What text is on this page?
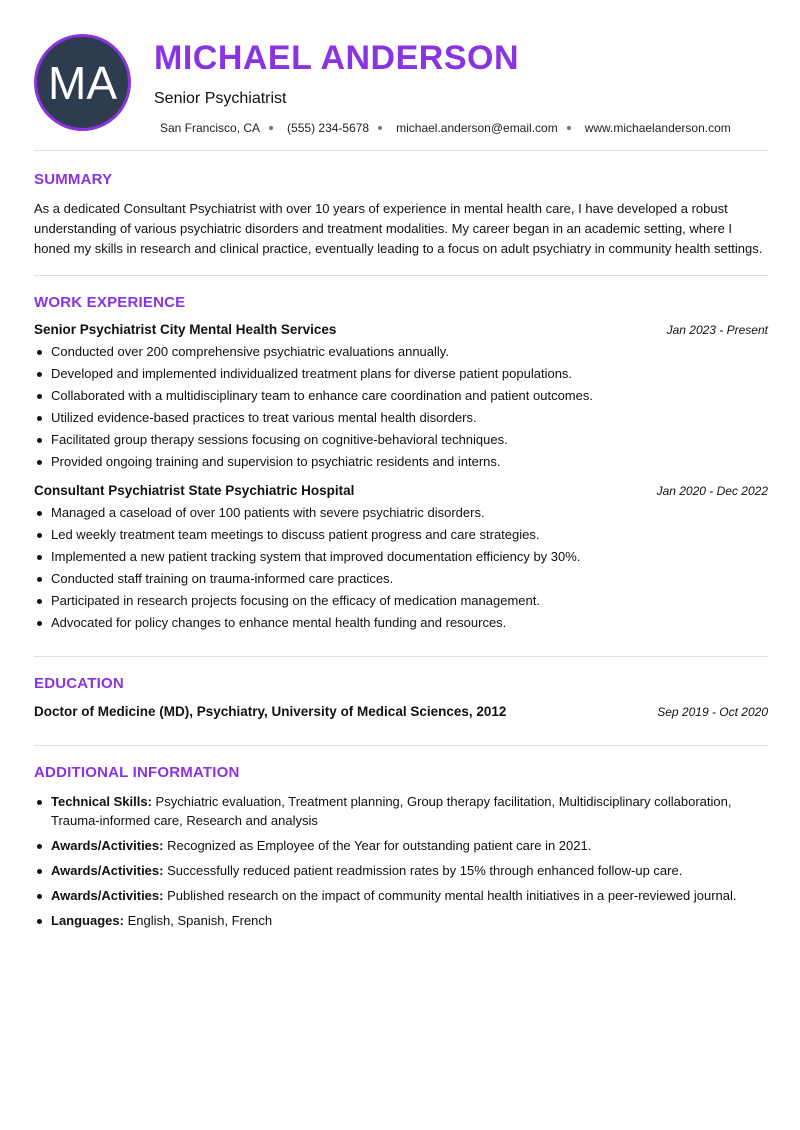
MA MICHAEL ANDERSON
Senior Psychiatrist
San Francisco, CA (555) 234-5678 michael.anderson@email.com www.michaelanderson.com
SUMMARY

As a dedicated Consultant Psychiatrist with over 10 years of experience in mental health care, I have developed a robust understanding of various psychiatric disorders and treatment modalities. My career began in an academic setting, where I honed my skills in research and clinical practice, eventually leading to a focus on adult psychiatry in community health settings.

WORK EXPERIENCE
Senior Psychiatrist City Mental Health Services	Jan 2023 - Present
Conducted over 200 comprehensive psychiatric evaluations annually.
Developed and implemented individualized treatment plans for diverse patient populations.
Collaborated with a multidisciplinary team to enhance care coordination and patient outcomes.
Utilized evidence-based practices to treat various mental health disorders.
Facilitated group therapy sessions focusing on cognitive-behavioral techniques.
Provided ongoing training and supervision to psychiatric residents and interns.
Consultant Psychiatrist State Psychiatric Hospital	Jan 2020 - Dec 2022
Managed a caseload of over 100 patients with severe psychiatric disorders.
Led weekly treatment team meetings to discuss patient progress and care strategies.
Implemented a new patient tracking system that improved documentation efficiency by 30%.
Conducted staff training on trauma-informed care practices.
Participated in research projects focusing on the efficacy of medication management.
Advocated for policy changes to enhance mental health funding and resources.
EDUCATION
Doctor of Medicine (MD), Psychiatry, University of Medical Sciences, 2012	Sep 2019 - Oct 2020
ADDITIONAL INFORMATION
Technical Skills: Psychiatric evaluation, Treatment planning, Group therapy facilitation, Multidisciplinary collaboration, Trauma-informed care, Research and analysis
Awards/Activities: Recognized as Employee of the Year for outstanding patient care in 2021.
Awards/Activities: Successfully reduced patient readmission rates by 15% through enhanced follow-up care.
Awards/Activities: Published research on the impact of community mental health initiatives in a peer-reviewed journal.
Languages: English, Spanish, French
